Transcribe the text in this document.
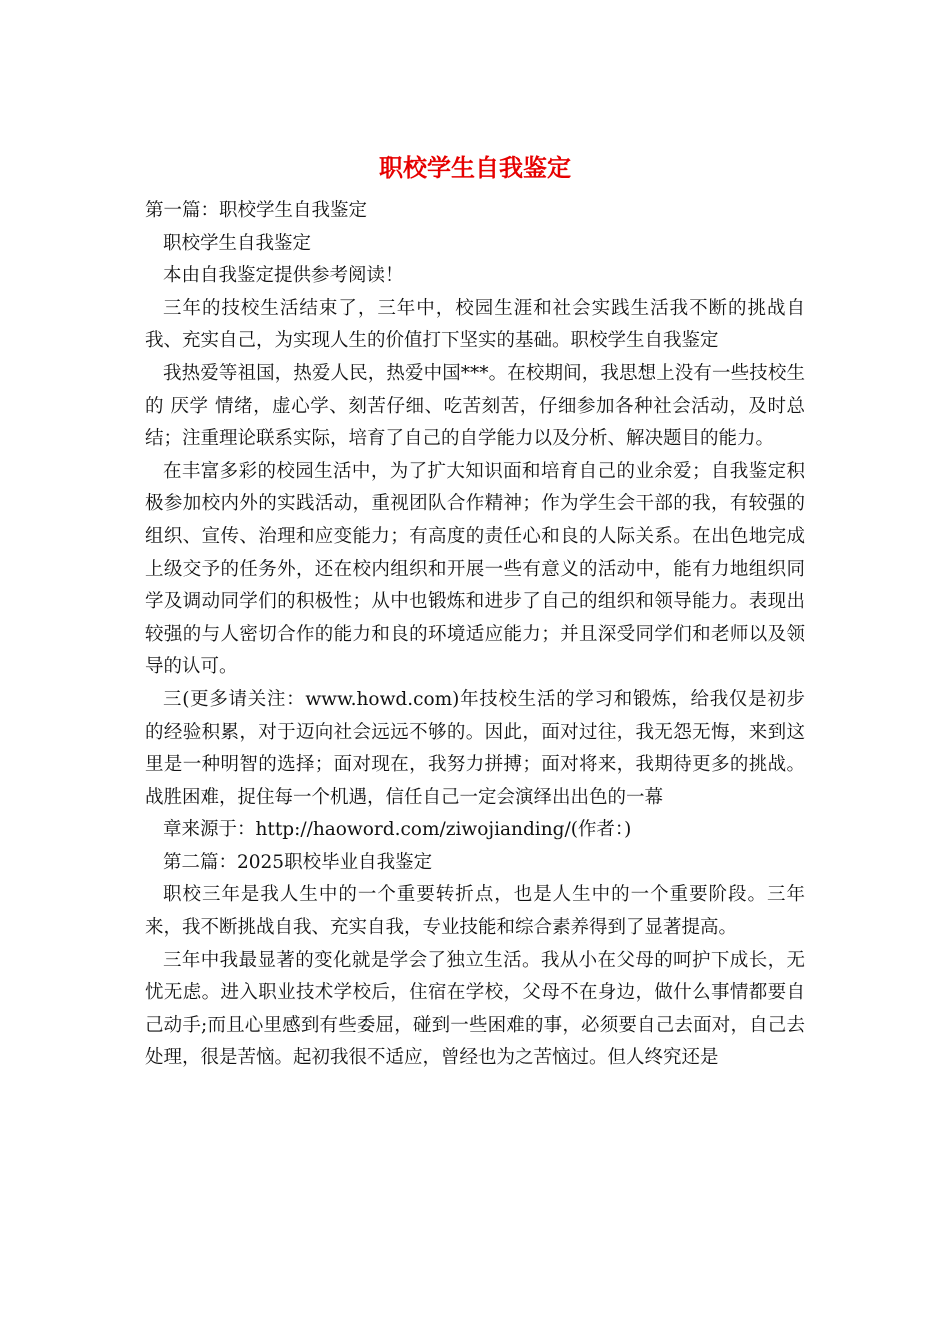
职校学生自我鉴定

第一篇：职校学生自我鉴定

职校学生自我鉴定

本由自我鉴定提供参考阅读！

三年的技校生活结束了，三年中，校园生涯和社会实践生活我不断的挑战自我、充实自己，为实现人生的价值打下坚实的基础。职校学生自我鉴定

我热爱等祖国，热爱人民，热爱中国***。在校期间，我思想上没有一些技校生的 厌学 情绪，虚心学、刻苦仔细、吃苦刻苦，仔细参加各种社会活动，及时总结；注重理论联系实际，培育了自己的自学能力以及分析、解决题目的能力。

在丰富多彩的校园生活中，为了扩大知识面和培育自己的业余爱；自我鉴定积极参加校内外的实践活动，重视团队合作精神；作为学生会干部的我，有较强的组织、宣传、治理和应变能力；有高度的责任心和良的人际关系。在出色地完成上级交予的任务外，还在校内组织和开展一些有意义的活动中，能有力地组织同学及调动同学们的积极性；从中也锻炼和进步了自己的组织和领导能力。表现出较强的与人密切合作的能力和良的环境适应能力；并且深受同学们和老师以及领导的认可。

三(更多请关注：www.howd.com)年技校生活的学习和锻炼，给我仅是初步的经验积累，对于迈向社会远远不够的。因此，面对过往，我无怨无悔，来到这里是一种明智的选择；面对现在，我努力拼搏；面对将来，我期待更多的挑战。战胜困难，捉住每一个机遇，信任自己一定会演绎出出色的一幕

章来源于：http://haoword.com/ziwojianding/(作者：)

第二篇：2025职校毕业自我鉴定

职校三年是我人生中的一个重要转折点，也是人生中的一个重要阶段。三年来，我不断挑战自我、充实自我，专业技能和综合素养得到了显著提高。

三年中我最显著的变化就是学会了独立生活。我从小在父母的呵护下成长，无忧无虑。进入职业技术学校后，住宿在学校，父母不在身边，做什么事情都要自己动手;而且心里感到有些委屈，碰到一些困难的事，必须要自己去面对，自己去处理，很是苦恼。起初我很不适应，曾经也为之苦恼过。但人终究还是
